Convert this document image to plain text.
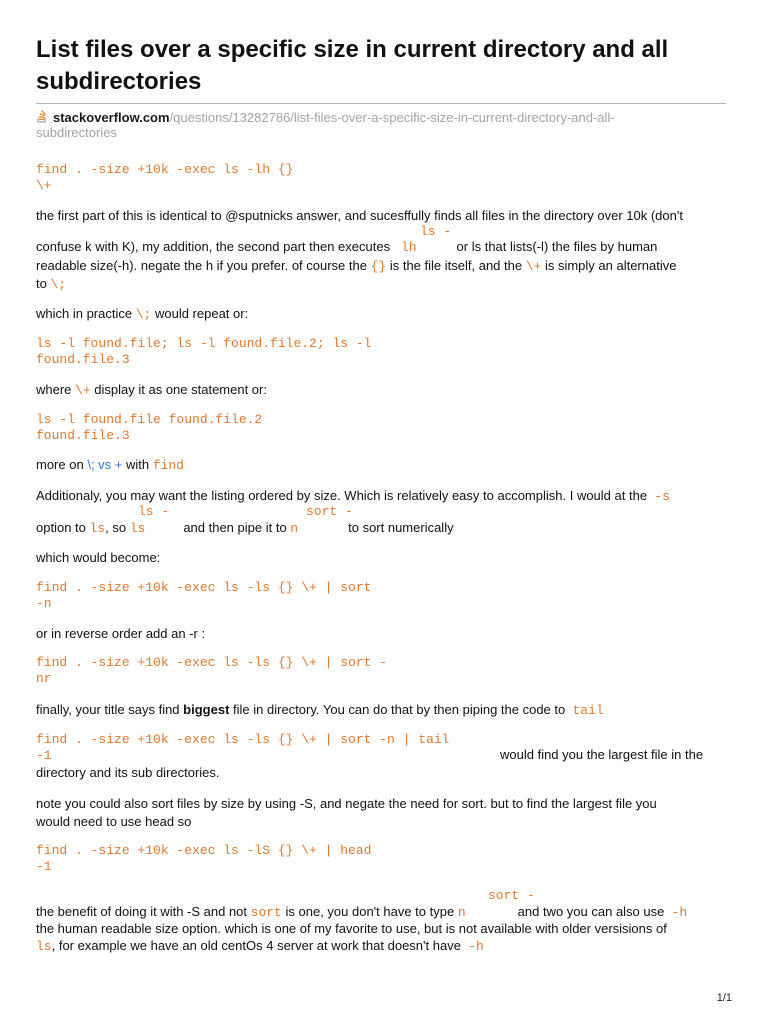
List files over a specific size in current directory and all subdirectories
stackoverflow.com/questions/13282786/list-files-over-a-specific-size-in-current-directory-and-all-
subdirectories
find . -size +10k -exec ls -lh {}
\+
the first part of this is identical to @sputnicks answer, and sucesffully finds all files in the directory over 10k (don't
ls -
confuse k with K), my addition, the second part then executes lh	or ls that lists(-l) the files by human
readable size(-h). negate the h if you prefer. of course the {} is the file itself, and the \+ is simply an alternative
to \;
which in practice \; would repeat or:
ls -l found.file; ls -l found.file.2; ls -l
found.file.3
where \+ display it as one statement or:
ls -l found.file found.file.2
found.file.3
more on \; vs + with find
Additionaly, you may want the listing ordered by size. Which is relatively easy to accomplish. I would at the -s
ls -	sort -
option to ls, so ls	and then pipe it to n	to sort numerically
which would become:
find . -size +10k -exec ls -ls {} \+ | sort
-n
or in reverse order add an -r :
find . -size +10k -exec ls -ls {} \+ | sort -
nr
finally, your title says find biggest file in directory. You can do that by then piping the code to tail
find . -size +10k -exec ls -ls {} \+ | sort -n | tail
-1	would find you the largest file in the
directory and its sub directories.
note you could also sort files by size by using -S, and negate the need for sort. but to find the largest file you
would need to use head so
find . -size +10k -exec ls -lS {} \+ | head
-1
sort -
the benefit of doing it with -S and not sort is one, you don't have to type n	and two you can also use -h
the human readable size option. which is one of my favorite to use, but is not available with older versisions of
ls, for example we have an old centOs 4 server at work that doesn't have -h
1/1
